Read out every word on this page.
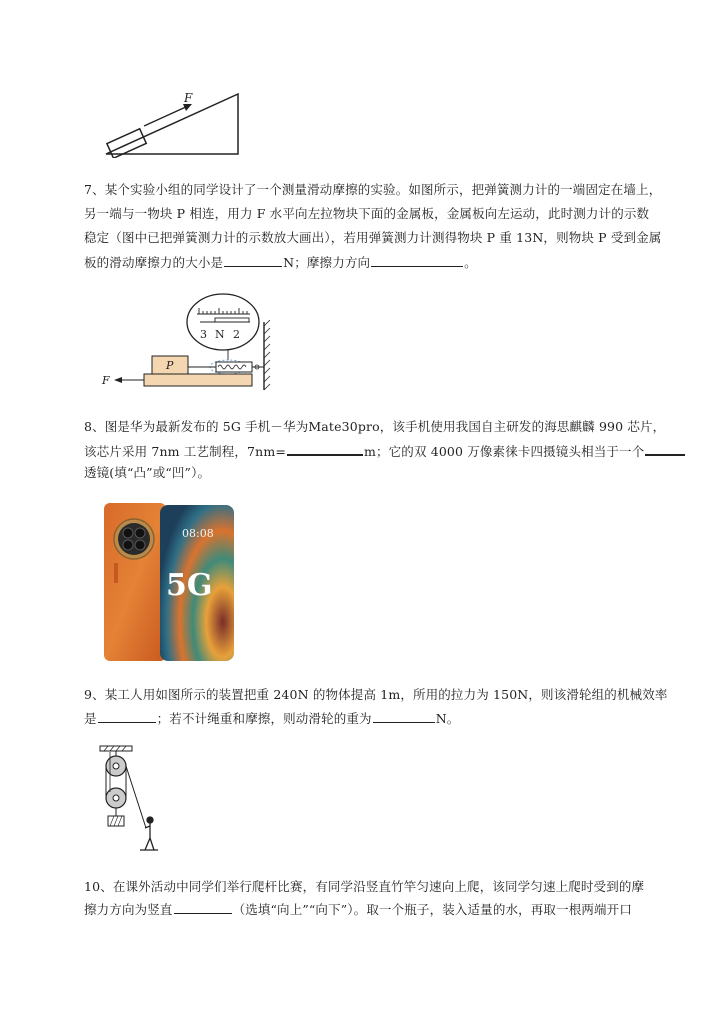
F
7、某个实验小组的同学设计了一个测量滑动摩擦的实验。如图所示，把弹簧测力计的一端固定在墙上，
另一端与一物块 P 相连，用力 F 水平向左拉物块下面的金属板，金属板向左运动，此时测力计的示数
稳定（图中已把弹簧测力计的示数放大画出），若用弹簧测力计测得物块 P 重 13N，则物块 P 受到金属
板的滑动摩擦力的大小是	N；摩擦力方向	。
3 N 2
P
F
8、图是华为最新发布的 5G 手机－华为Mate30pro，该手机使用我国自主研发的海思麒麟 990 芯片，
该芯片采用 7nm 工艺制程，7nm=	m；它的双 4000 万像素徕卡四摄镜头相当于一个
透镜(填“凸”或“凹”）。
08:08
5G
9、某工人用如图所示的装置把重 240N 的物体提高 1m，所用的拉力为 150N，则该滑轮组的机械效率
是	；若不计绳重和摩擦，则动滑轮的重为	N。
10、在课外活动中同学们举行爬杆比赛，有同学沿竖直竹竿匀速向上爬，该同学匀速上爬时受到的摩
擦力方向为竖直	（选填“向上”“向下”）。取一个瓶子，装入适量的水，再取一根两端开口
